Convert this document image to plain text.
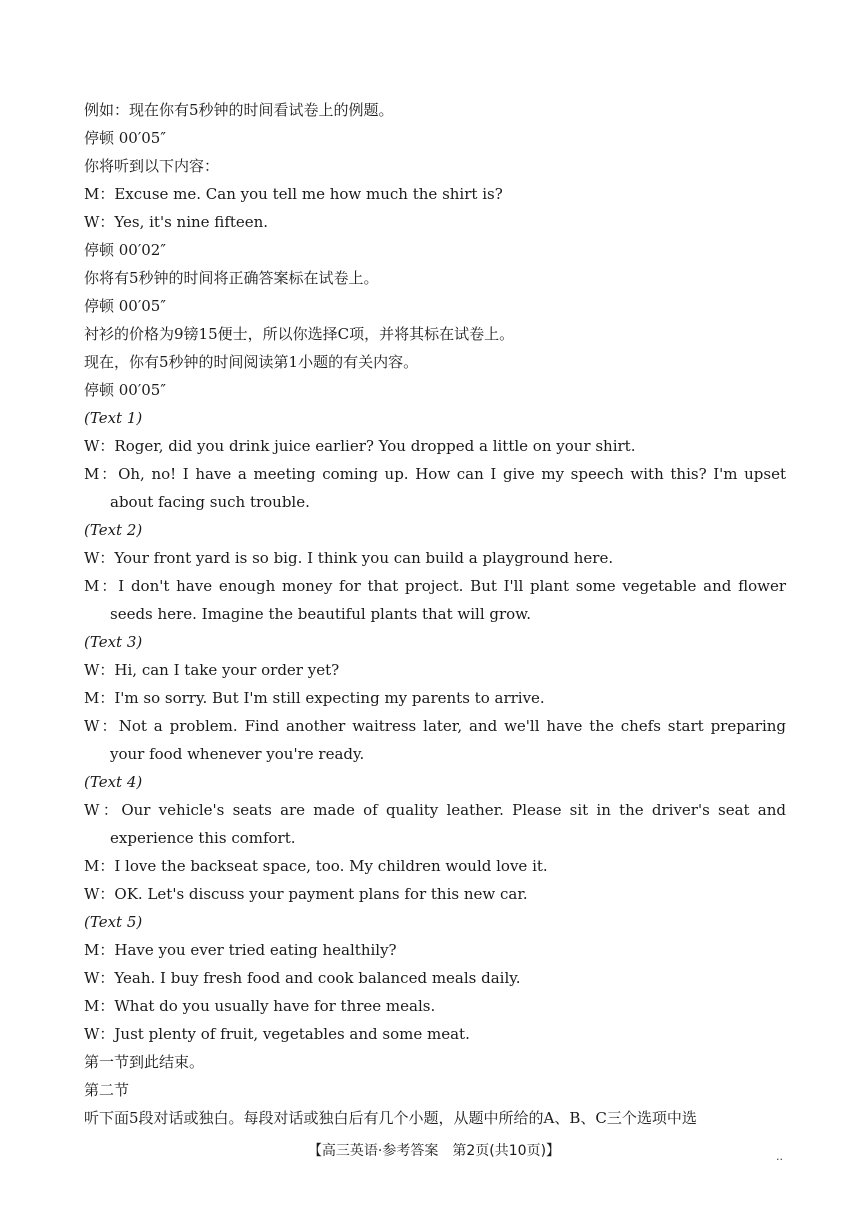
例如：现在你有5秒钟的时间看试卷上的例题。
停顿 00′05″
你将听到以下内容：
M：Excuse me. Can you tell me how much the shirt is?
W：Yes, it's nine fifteen.
停顿 00′02″
你将有5秒钟的时间将正确答案标在试卷上。
停顿 00′05″
衬衫的价格为9镑15便士，所以你选择C项，并将其标在试卷上。
现在，你有5秒钟的时间阅读第1小题的有关内容。
停顿 00′05″
(Text 1)
W：Roger, did you drink juice earlier? You dropped a little on your shirt.
M：Oh, no! I have a meeting coming up. How can I give my speech with this? I'm upset about facing such trouble.
(Text 2)
W：Your front yard is so big. I think you can build a playground here.
M：I don't have enough money for that project. But I'll plant some vegetable and flower seeds here. Imagine the beautiful plants that will grow.
(Text 3)
W：Hi, can I take your order yet?
M：I'm so sorry. But I'm still expecting my parents to arrive.
W：Not a problem. Find another waitress later, and we'll have the chefs start preparing your food whenever you're ready.
(Text 4)
W：Our vehicle's seats are made of quality leather. Please sit in the driver's seat and experience this comfort.
M：I love the backseat space, too. My children would love it.
W：OK. Let's discuss your payment plans for this new car.
(Text 5)
M：Have you ever tried eating healthily?
W：Yeah. I buy fresh food and cook balanced meals daily.
M：What do you usually have for three meals.
W：Just plenty of fruit, vegetables and some meat.
第一节到此结束。
第二节
听下面5段对话或独白。每段对话或独白后有几个小题，从题中所给的A、B、C三个选项中选
【高三英语·参考答案　第2页(共10页)】	..
